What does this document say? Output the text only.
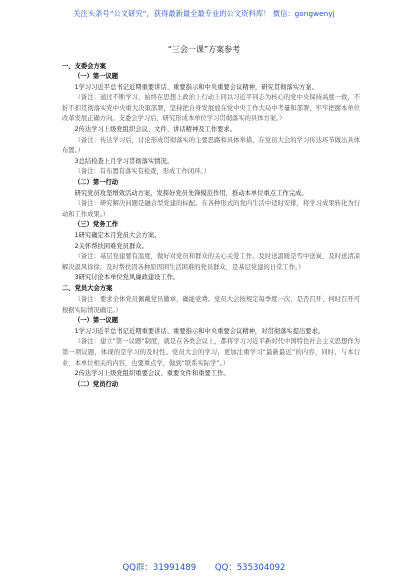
关注头条号“公文研究”，获得最新最全最专业的公文资料库！ 微信：gongwenyj
“三会一课”方案参考
一、支委会方案
（一）第一议题
1学习习近平总书记近期重要讲话、重要指示和中央重要会议精神，研究贯彻落实方案。
（备注：通过不断学习，始终在思想上政治上行动上同以习近平同志为核心的党中央保持高度一致，不折不扣贯彻落实党中央重大决策部署，坚持把自身发展放在党中央工作大局中考量和部署，牢牢把握本单位改革发展正确方向。支委会学习后，研究形成本单位学习贯彻落实的具体方案。）
2传达学习上级党组织会议、文件、讲话精神及工作要求。
（备注：传达学习后，讨论形成贯彻落实的主要思路和具体举措，在党员大会的学习传达环节做出具体布置。）
3总结检查上月学习贯彻落实情况。
（备注：有布置有落实有检查，形成工作闭环。）
（二）第一行动
研究党员攻坚增效活动方案，发挥好党员先锋模范作用，推动本单位重点工作完成。
（备注：研究解决问题是融合型党建的标配。在各种形式的党内生活中适时安排，将学习成果转化为行动和工作成果。）
（三）党务工作
1研究确定本月党员大会方案。
2关怀帮扶困难党员群众。
（备注：基层党建要有温度，做好对党员和群众的关心关爱工作。及时送温暖是雪中送炭，及时送清凉解决温风徐徐，及时帮扶因各种原因困生活困难的党员群众，是基层党建的日常工作。）
3研究讨论本单位党风廉政建设工作。
二、党员大会方案
（备注：要求全体党员佩戴党员徽章，确能党费。党员大会按规定每季度一次，是否召开、何时召开可根据实际情况确定。）
（一）第一议题
1学习习近平总书记近期重要讲话、重要指示和中央重要会议精神，对贯彻落实提出要求。
（备注：建立“第一议题”制度，就是在各类会议上，都将学习习近平新时代中国特色社会主义思想作为第一项议题，体现的是学习的及时性。党员大会的学习，更加注重学习“最新最近”的内容，同时，与本行业、本单位相关的内容，也要重点学，做到“联系实际学”。）
2传达学习上级党组织重要会议、重要文件和重要工作。
（二）党员行动
QQ群：31991489 QQ：535304092
